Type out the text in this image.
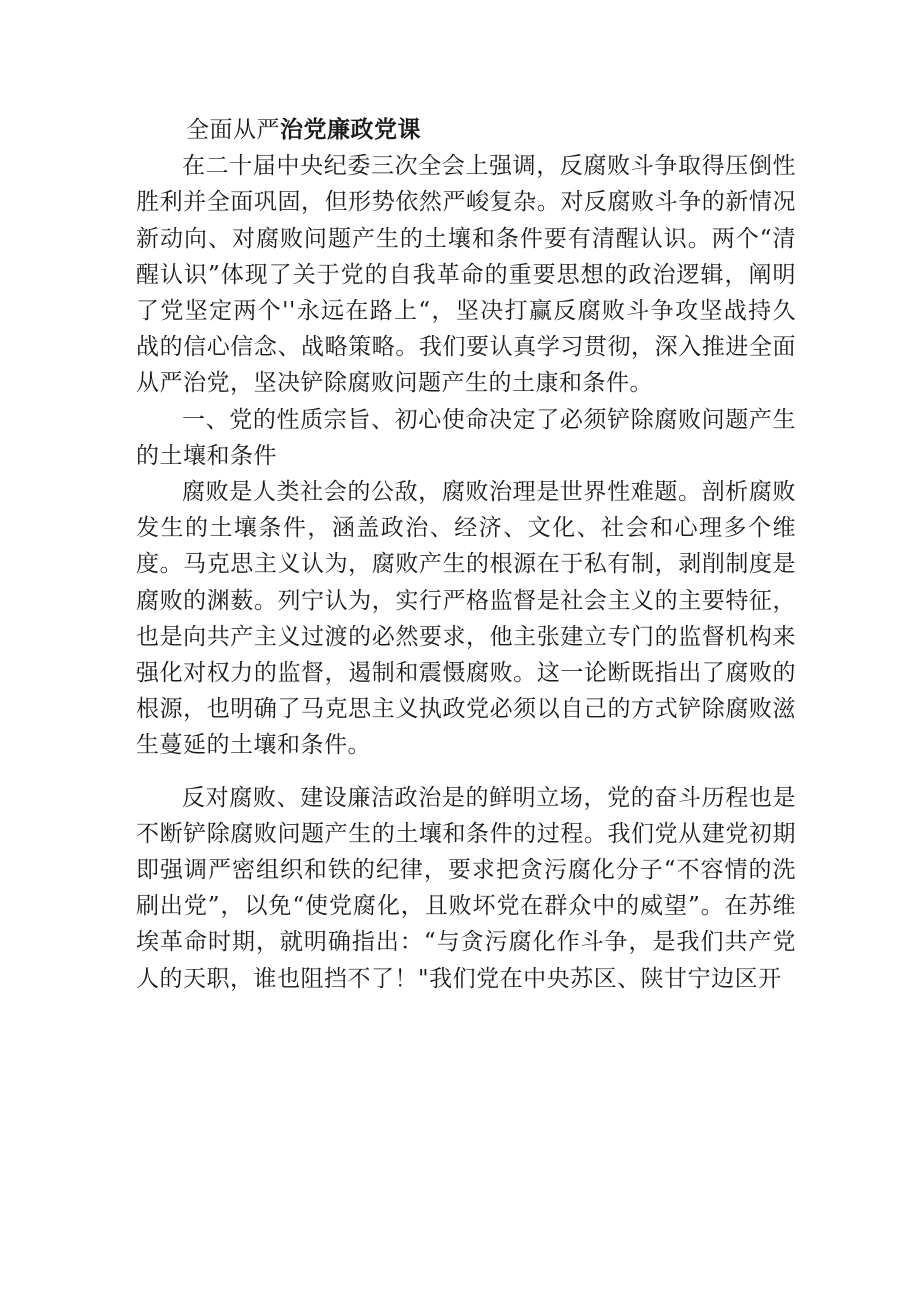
全面从严治党廉政党课

在二十届中央纪委三次全会上强调，反腐败斗争取得压倒性胜利并全面巩固，但形势依然严峻复杂。对反腐败斗争的新情况新动向、对腐败问题产生的土壤和条件要有清醒认识。两个“清醒认识”体现了关于党的自我革命的重要思想的政治逻辑，阐明了党坚定两个''永远在路上“，坚决打赢反腐败斗争攻坚战持久战的信心信念、战略策略。我们要认真学习贯彻，深入推进全面从严治党，坚决铲除腐败问题产生的土康和条件。

一、党的性质宗旨、初心使命决定了必须铲除腐败问题产生的土壤和条件

腐败是人类社会的公敌，腐败治理是世界性难题。剖析腐败发生的土壤条件，涵盖政治、经济、文化、社会和心理多个维度。马克思主义认为，腐败产生的根源在于私有制，剥削制度是腐败的渊薮。列宁认为，实行严格监督是社会主义的主要特征，也是向共产主义过渡的必然要求，他主张建立专门的监督机构来强化对权力的监督，遏制和震慑腐败。这一论断既指出了腐败的根源，也明确了马克思主义执政党必须以自己的方式铲除腐败滋生蔓延的土壤和条件。

反对腐败、建设廉洁政治是的鲜明立场，党的奋斗历程也是不断铲除腐败问题产生的土壤和条件的过程。我们党从建党初期即强调严密组织和铁的纪律，要求把贪污腐化分子“不容情的洗刷出党”，以免“使党腐化，且败坏党在群众中的威望”。在苏维埃革命时期，就明确指出：“与贪污腐化作斗争，是我们共产党人的天职，谁也阻挡不了！"我们党在中央苏区、陕甘宁边区开
